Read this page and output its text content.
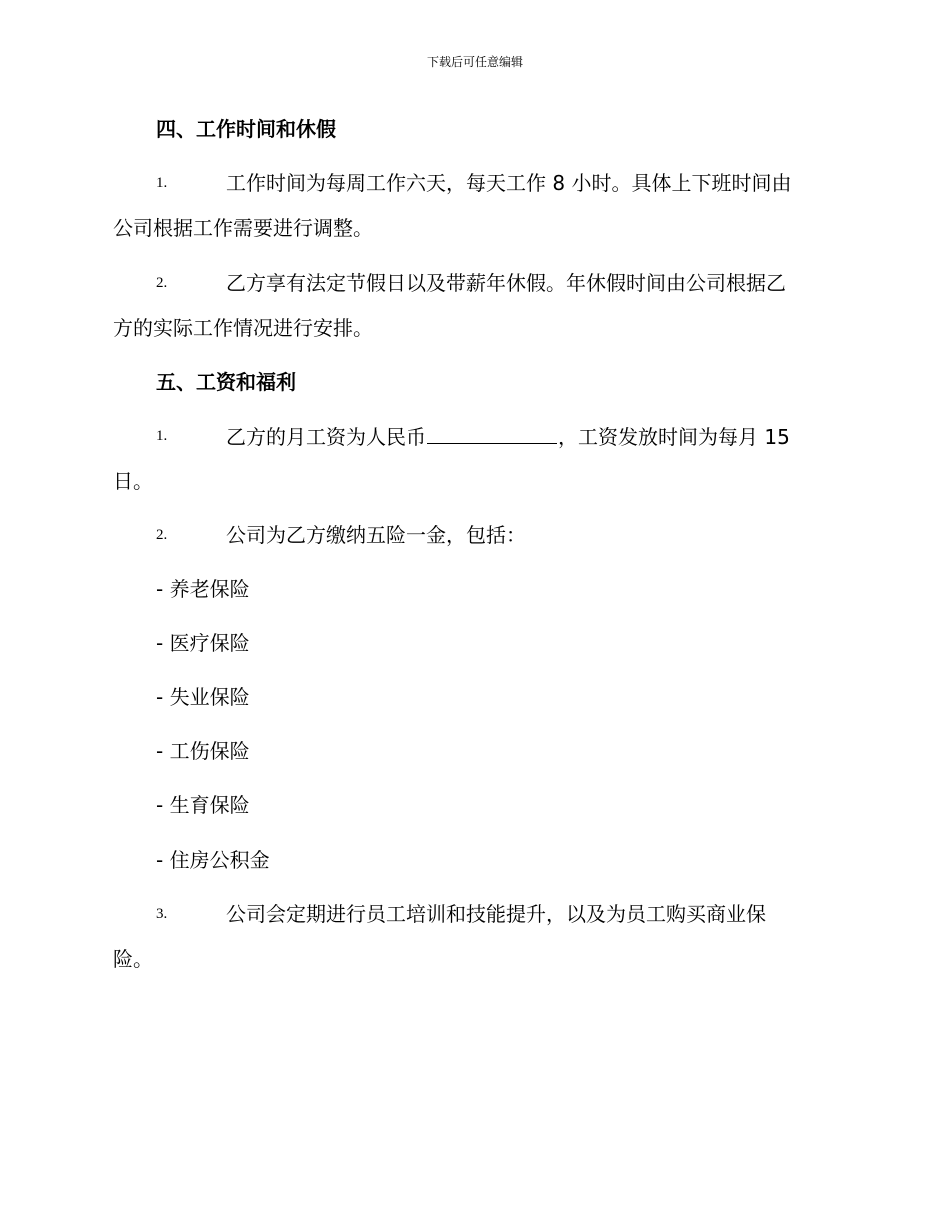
下载后可任意编辑
四、工作时间和休假
1.	工作时间为每周工作六天，每天工作 8 小时。具体上下班时间由
公司根据工作需要进行调整。
2.	乙方享有法定节假日以及带薪年休假。年休假时间由公司根据乙
方的实际工作情况进行安排。
五、工资和福利
1.	乙方的月工资为人民币	，工资发放时间为每月 15
日。
2.	公司为乙方缴纳五险一金，包括：
- 养老保险
- 医疗保险
- 失业保险
- 工伤保险
- 生育保险
- 住房公积金
3.	公司会定期进行员工培训和技能提升，以及为员工购买商业保
险。
